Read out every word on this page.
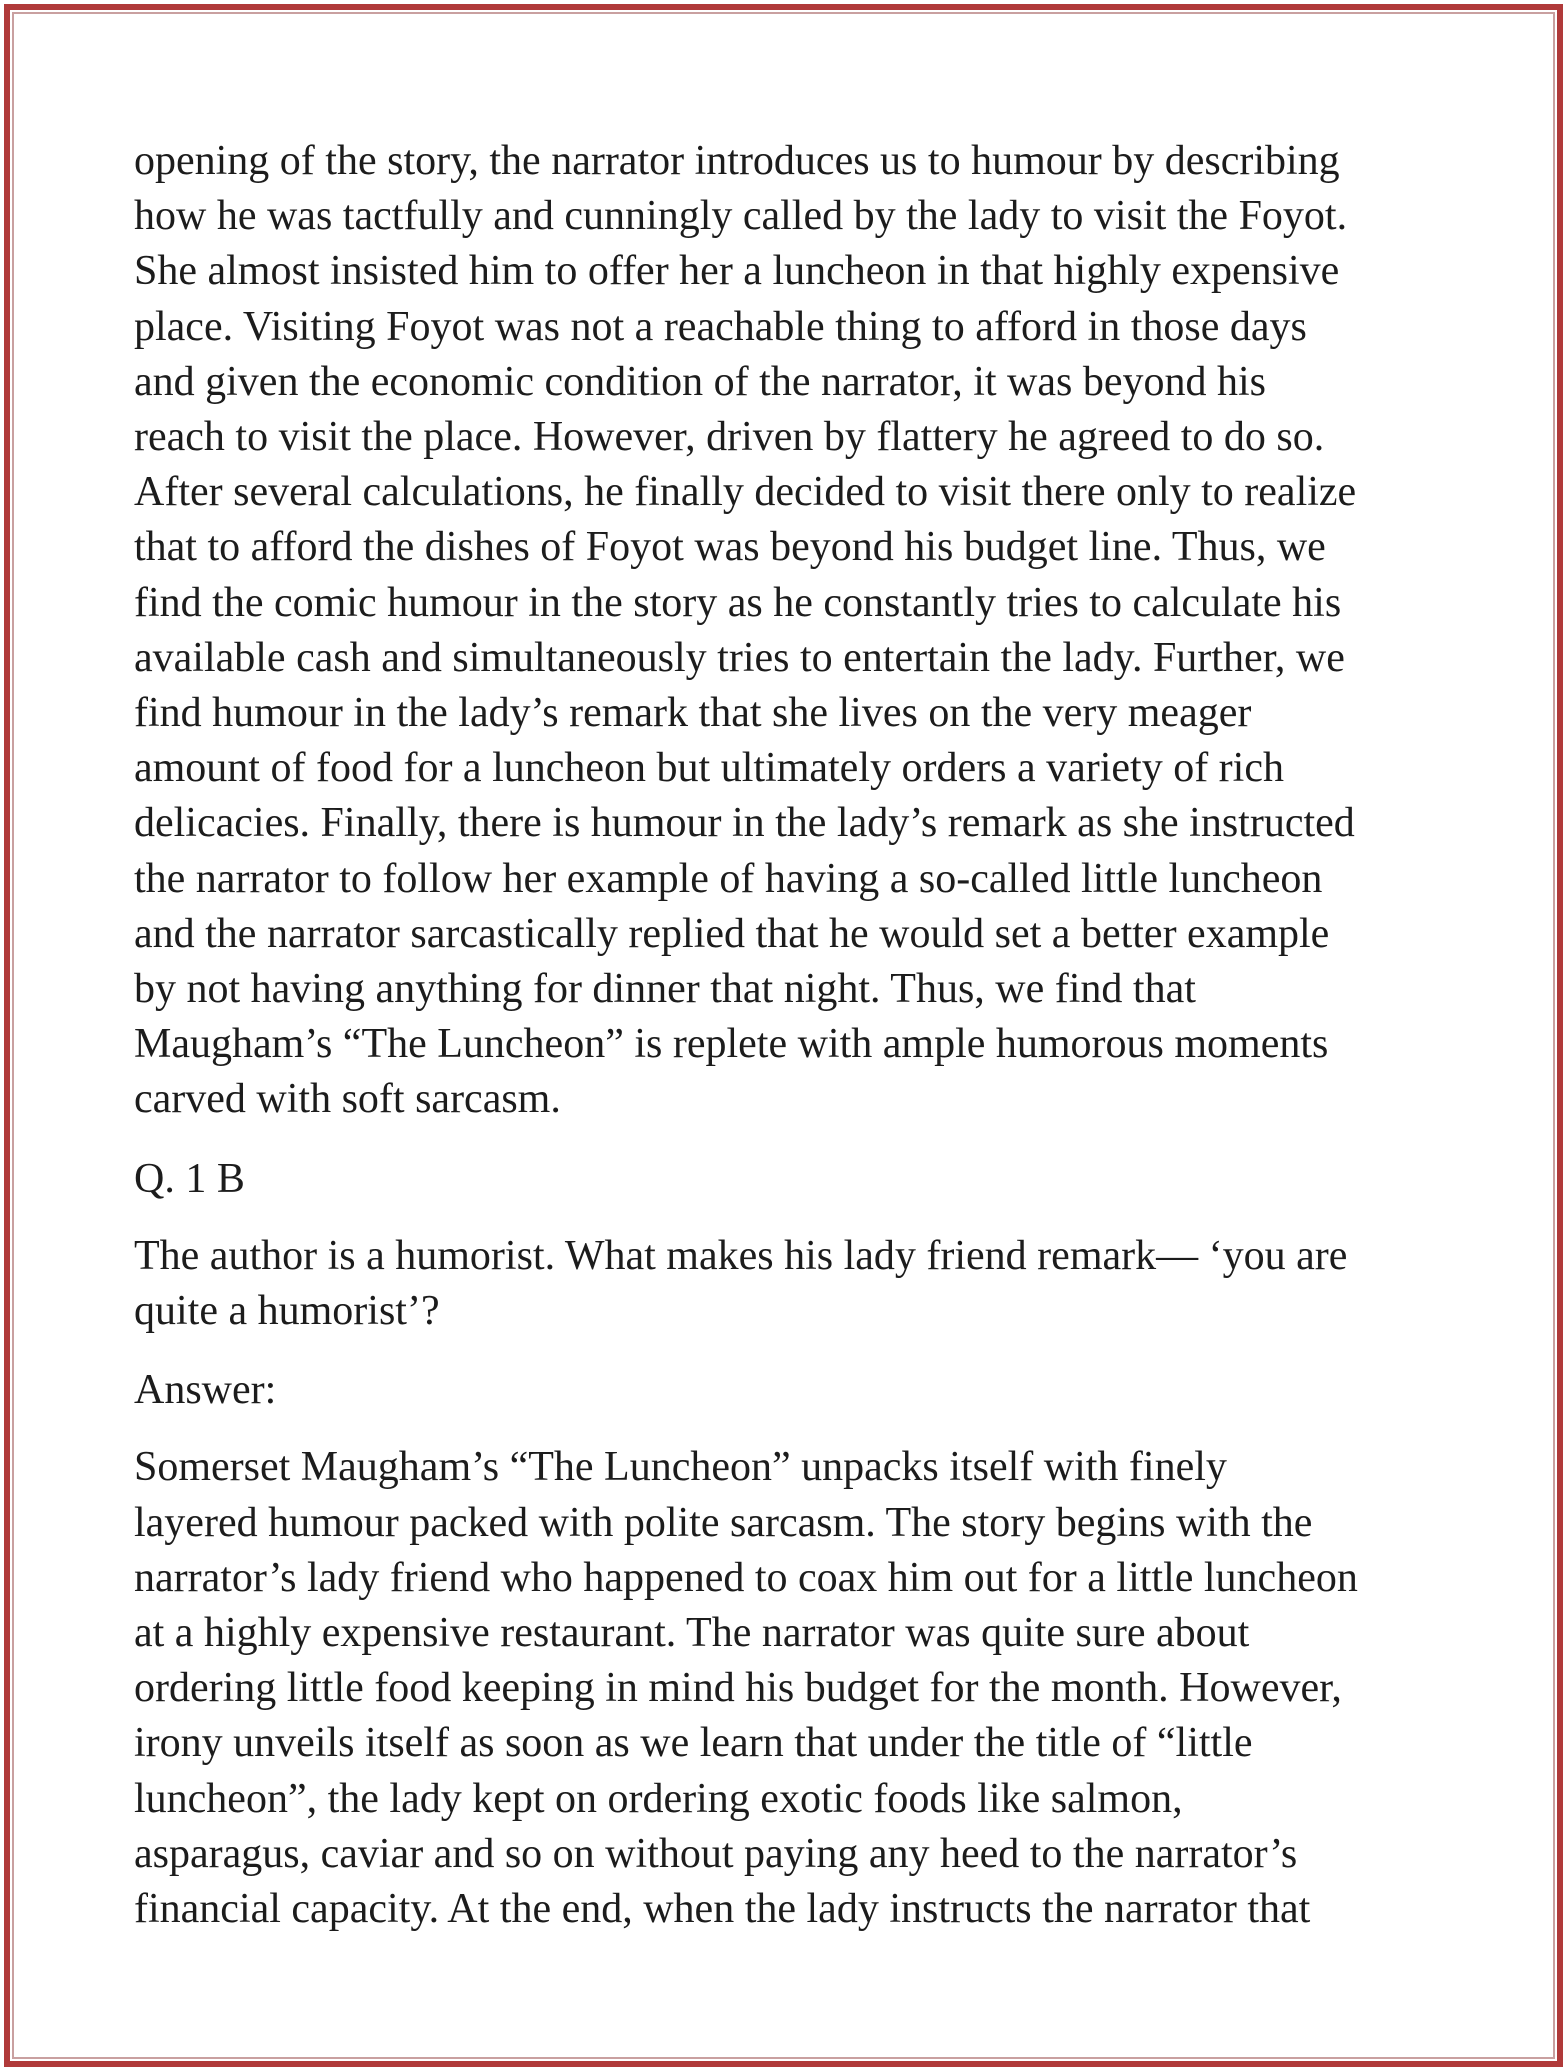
opening of the story, the narrator introduces us to humour by describing

how he was tactfully and cunningly called by the lady to visit the Foyot.

She almost insisted him to offer her a luncheon in that highly expensive

place. Visiting Foyot was not a reachable thing to afford in those days

and given the economic condition of the narrator, it was beyond his

reach to visit the place. However, driven by flattery he agreed to do so.

After several calculations, he finally decided to visit there only to realize

that to afford the dishes of Foyot was beyond his budget line. Thus, we

find the comic humour in the story as he constantly tries to calculate his

available cash and simultaneously tries to entertain the lady. Further, we

find humour in the lady’s remark that she lives on the very meager

amount of food for a luncheon but ultimately orders a variety of rich

delicacies. Finally, there is humour in the lady’s remark as she instructed

the narrator to follow her example of having a so-called little luncheon

and the narrator sarcastically replied that he would set a better example

by not having anything for dinner that night. Thus, we find that

Maugham’s “The Luncheon” is replete with ample humorous moments

carved with soft sarcasm.

Q. 1 B

The author is a humorist. What makes his lady friend remark— ‘you are

quite a humorist’?

Answer:

Somerset Maugham’s “The Luncheon” unpacks itself with finely

layered humour packed with polite sarcasm. The story begins with the

narrator’s lady friend who happened to coax him out for a little luncheon

at a highly expensive restaurant. The narrator was quite sure about

ordering little food keeping in mind his budget for the month. However,

irony unveils itself as soon as we learn that under the title of “little

luncheon”, the lady kept on ordering exotic foods like salmon,

asparagus, caviar and so on without paying any heed to the narrator’s

financial capacity. At the end, when the lady instructs the narrator that
